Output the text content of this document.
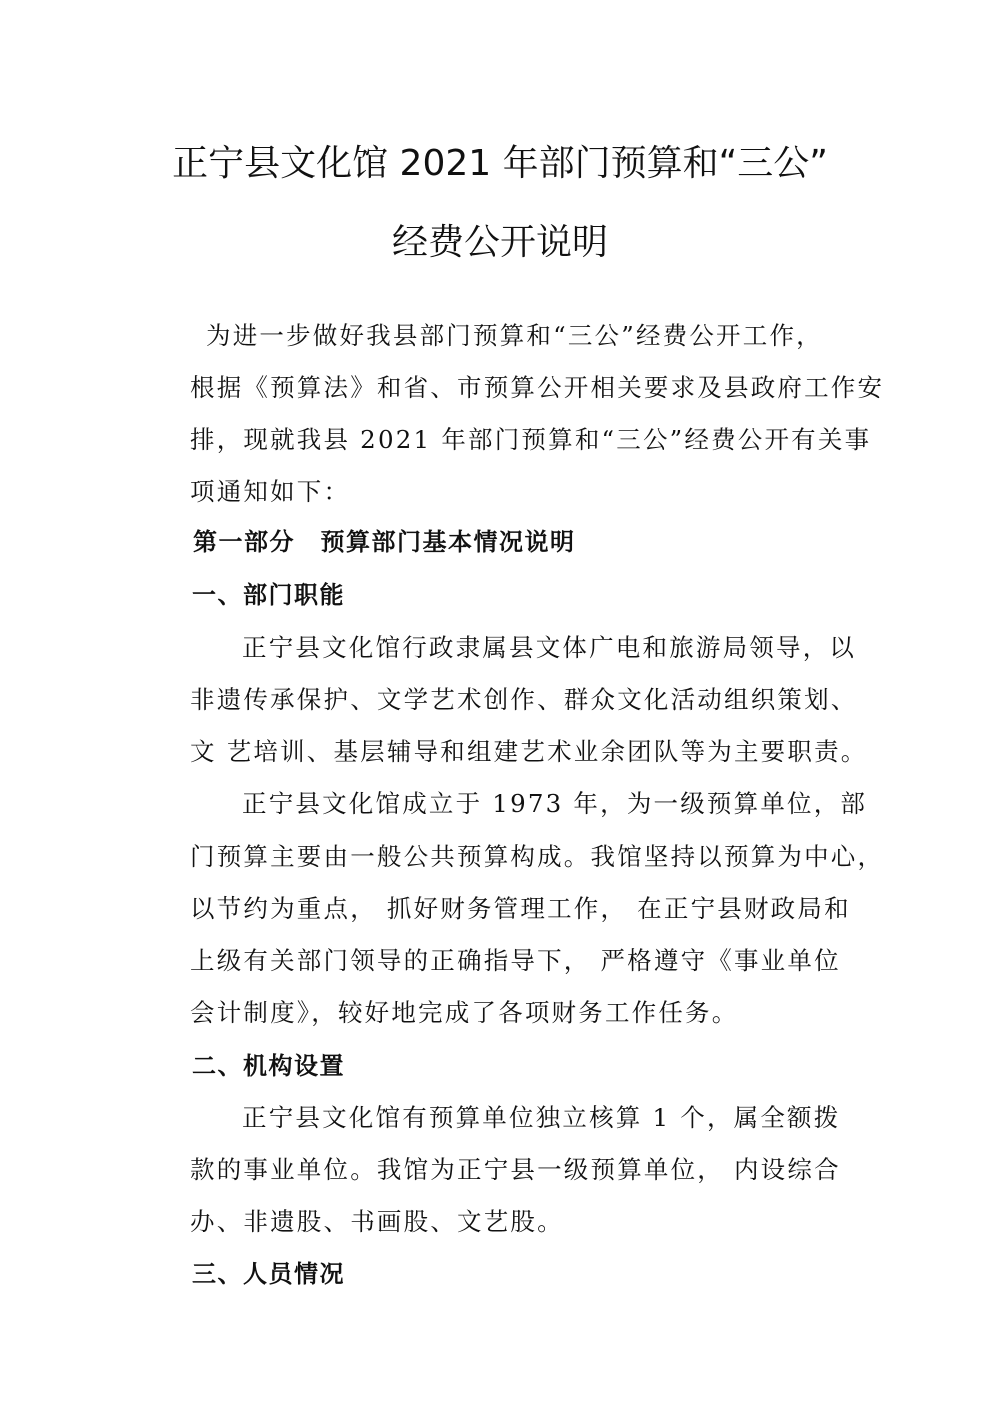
正宁县文化馆 2021 年部门预算和“三公”
经费公开说明
为进一步做好我县部门预算和“三公”经费公开工作，
根据《预算法》和省、市预算公开相关要求及县政府工作安
排，现就我县 2021 年部门预算和“三公”经费公开有关事
项通知如下：
第一部分　预算部门基本情况说明
一、部门职能
正宁县文化馆行政隶属县文体广电和旅游局领导，以
非遗传承保护、文学艺术创作、群众文化活动组织策划、
文 艺培训、基层辅导和组建艺术业余团队等为主要职责。
正宁县文化馆成立于 1973 年，为一级预算单位，部
门预算主要由一般公共预算构成。我馆坚持以预算为中心，
以节约为重点， 抓好财务管理工作， 在正宁县财政局和
上级有关部门领导的正确指导下， 严格遵守《事业单位
会计制度》，较好地完成了各项财务工作任务。
二、机构设置
正宁县文化馆有预算单位独立核算 1 个，属全额拨
款的事业单位。我馆为正宁县一级预算单位， 内设综合
办、非遗股、书画股、文艺股。
三、人员情况
